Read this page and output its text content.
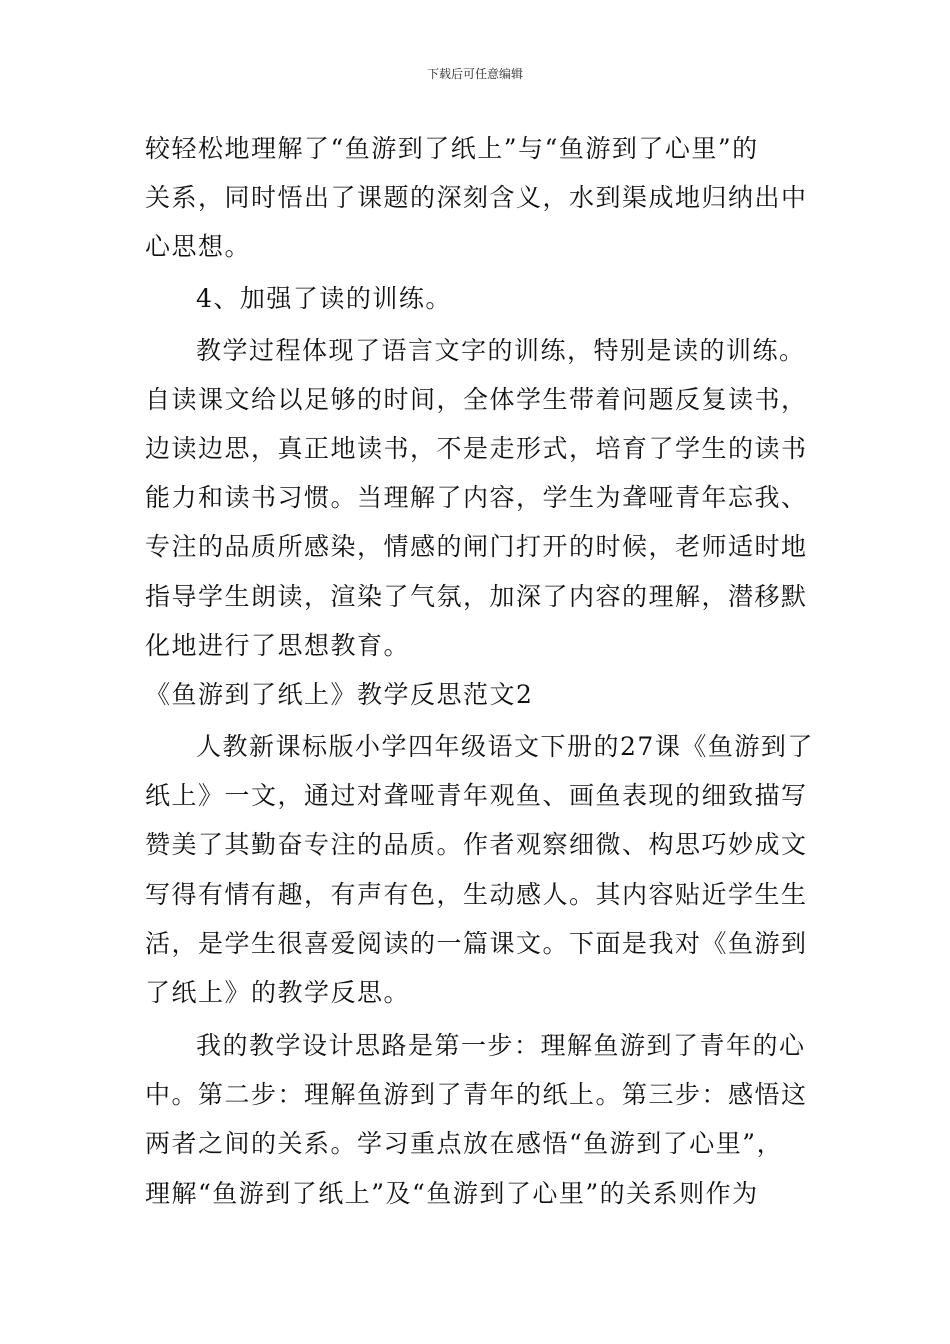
下载后可任意编辑
较轻松地理解了“鱼游到了纸上”与“鱼游到了心里”的
关系，同时悟出了课题的深刻含义，水到渠成地归纳出中
心思想。
4、加强了读的训练。
教学过程体现了语言文字的训练，特别是读的训练。
自读课文给以足够的时间，全体学生带着问题反复读书，
边读边思，真正地读书，不是走形式，培育了学生的读书
能力和读书习惯。当理解了内容，学生为聋哑青年忘我、
专注的品质所感染，情感的闸门打开的时候，老师适时地
指导学生朗读，渲染了气氛，加深了内容的理解，潜移默
化地进行了思想教育。
《鱼游到了纸上》教学反思范文2
人教新课标版小学四年级语文下册的27课《鱼游到了
纸上》一文，通过对聋哑青年观鱼、画鱼表现的细致描写
赞美了其勤奋专注的品质。作者观察细微、构思巧妙成文
写得有情有趣，有声有色，生动感人。其内容贴近学生生
活，是学生很喜爱阅读的一篇课文。下面是我对《鱼游到
了纸上》的教学反思。
我的教学设计思路是第一步：理解鱼游到了青年的心
中。第二步：理解鱼游到了青年的纸上。第三步：感悟这
两者之间的关系。学习重点放在感悟“鱼游到了心里”，
理解“鱼游到了纸上”及“鱼游到了心里”的关系则作为
